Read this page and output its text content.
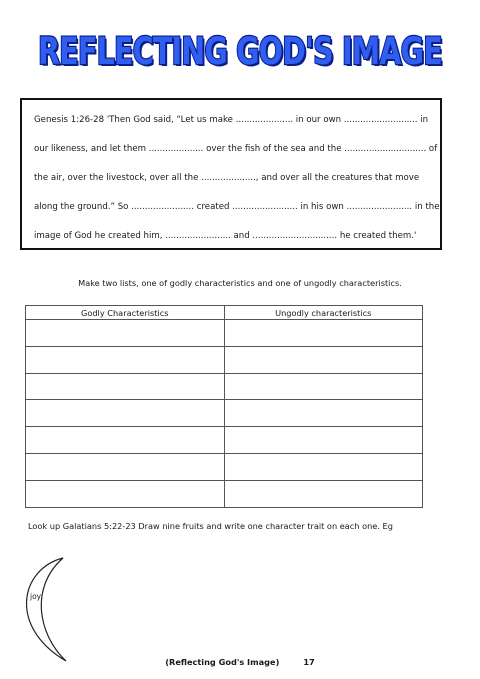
REFLECTING GOD'S IMAGE
REFLECTING GOD'S IMAGE
Genesis 1:26-28 'Then God said, “Let us make ..................... in our own ........................... in
our likeness, and let them .................... over the fish of the sea and the .............................. of
the air, over the livestock, over all the ...................., and over all the creatures that move
along the ground.” So ....................... created ........................ in his own ........................ in the
image of God he created him, ........................ and ............................... he created them.'
Make two lists, one of godly characteristics and one of ungodly characteristics.
Godly Characteristics	Ungodly characteristics

Look up Galatians 5:22-23 Draw nine fruits and write one character trait on each one. Eg
joy
(Reflecting God's Image)	17
